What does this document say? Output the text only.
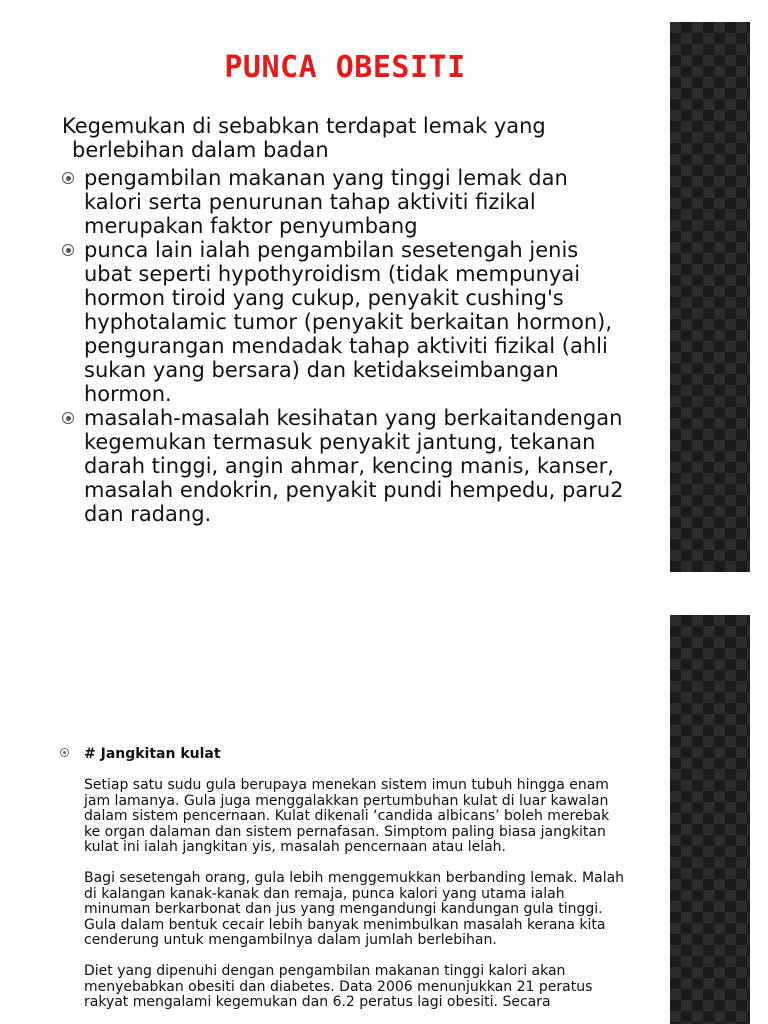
PUNCA OBESITI

Kegemukan di sebabkan terdapat lemak yang berlebihan dalam badan

pengambilan makanan yang tinggi lemak dan kalori serta penurunan tahap aktiviti fizikal merupakan faktor penyumbang
punca lain ialah pengambilan sesetengah jenis ubat seperti hypothyroidism (tidak mempunyai hormon tiroid yang cukup, penyakit cushing's hyphotalamic tumor (penyakit berkaitan hormon), pengurangan mendadak tahap aktiviti fizikal (ahli sukan yang bersara) dan ketidakseimbangan hormon.
masalah-masalah kesihatan yang berkaitandengan kegemukan termasuk penyakit jantung, tekanan darah tinggi, angin ahmar, kencing manis, kanser, masalah endokrin, penyakit pundi hempedu, paru2 dan radang.
# Jangkitan kulat

Setiap satu sudu gula berupaya menekan sistem imun tubuh hingga enam jam lamanya. Gula juga menggalakkan pertumbuhan kulat di luar kawalan dalam sistem pencernaan. Kulat dikenali ‘candida albicans’ boleh merebak ke organ dalaman dan sistem pernafasan. Simptom paling biasa jangkitan kulat ini ialah jangkitan yis, masalah pencernaan atau lelah.

Bagi sesetengah orang, gula lebih menggemukkan berbanding lemak. Malah di kalangan kanak-kanak dan remaja, punca kalori yang utama ialah minuman berkarbonat dan jus yang mengandungi kandungan gula tinggi. Gula dalam bentuk cecair lebih banyak menimbulkan masalah kerana kita cenderung untuk mengambilnya dalam jumlah berlebihan.

Diet yang dipenuhi dengan pengambilan makanan tinggi kalori akan menyebabkan obesiti dan diabetes. Data 2006 menunjukkan 21 peratus rakyat mengalami kegemukan dan 6.2 peratus lagi obesiti. Secara
